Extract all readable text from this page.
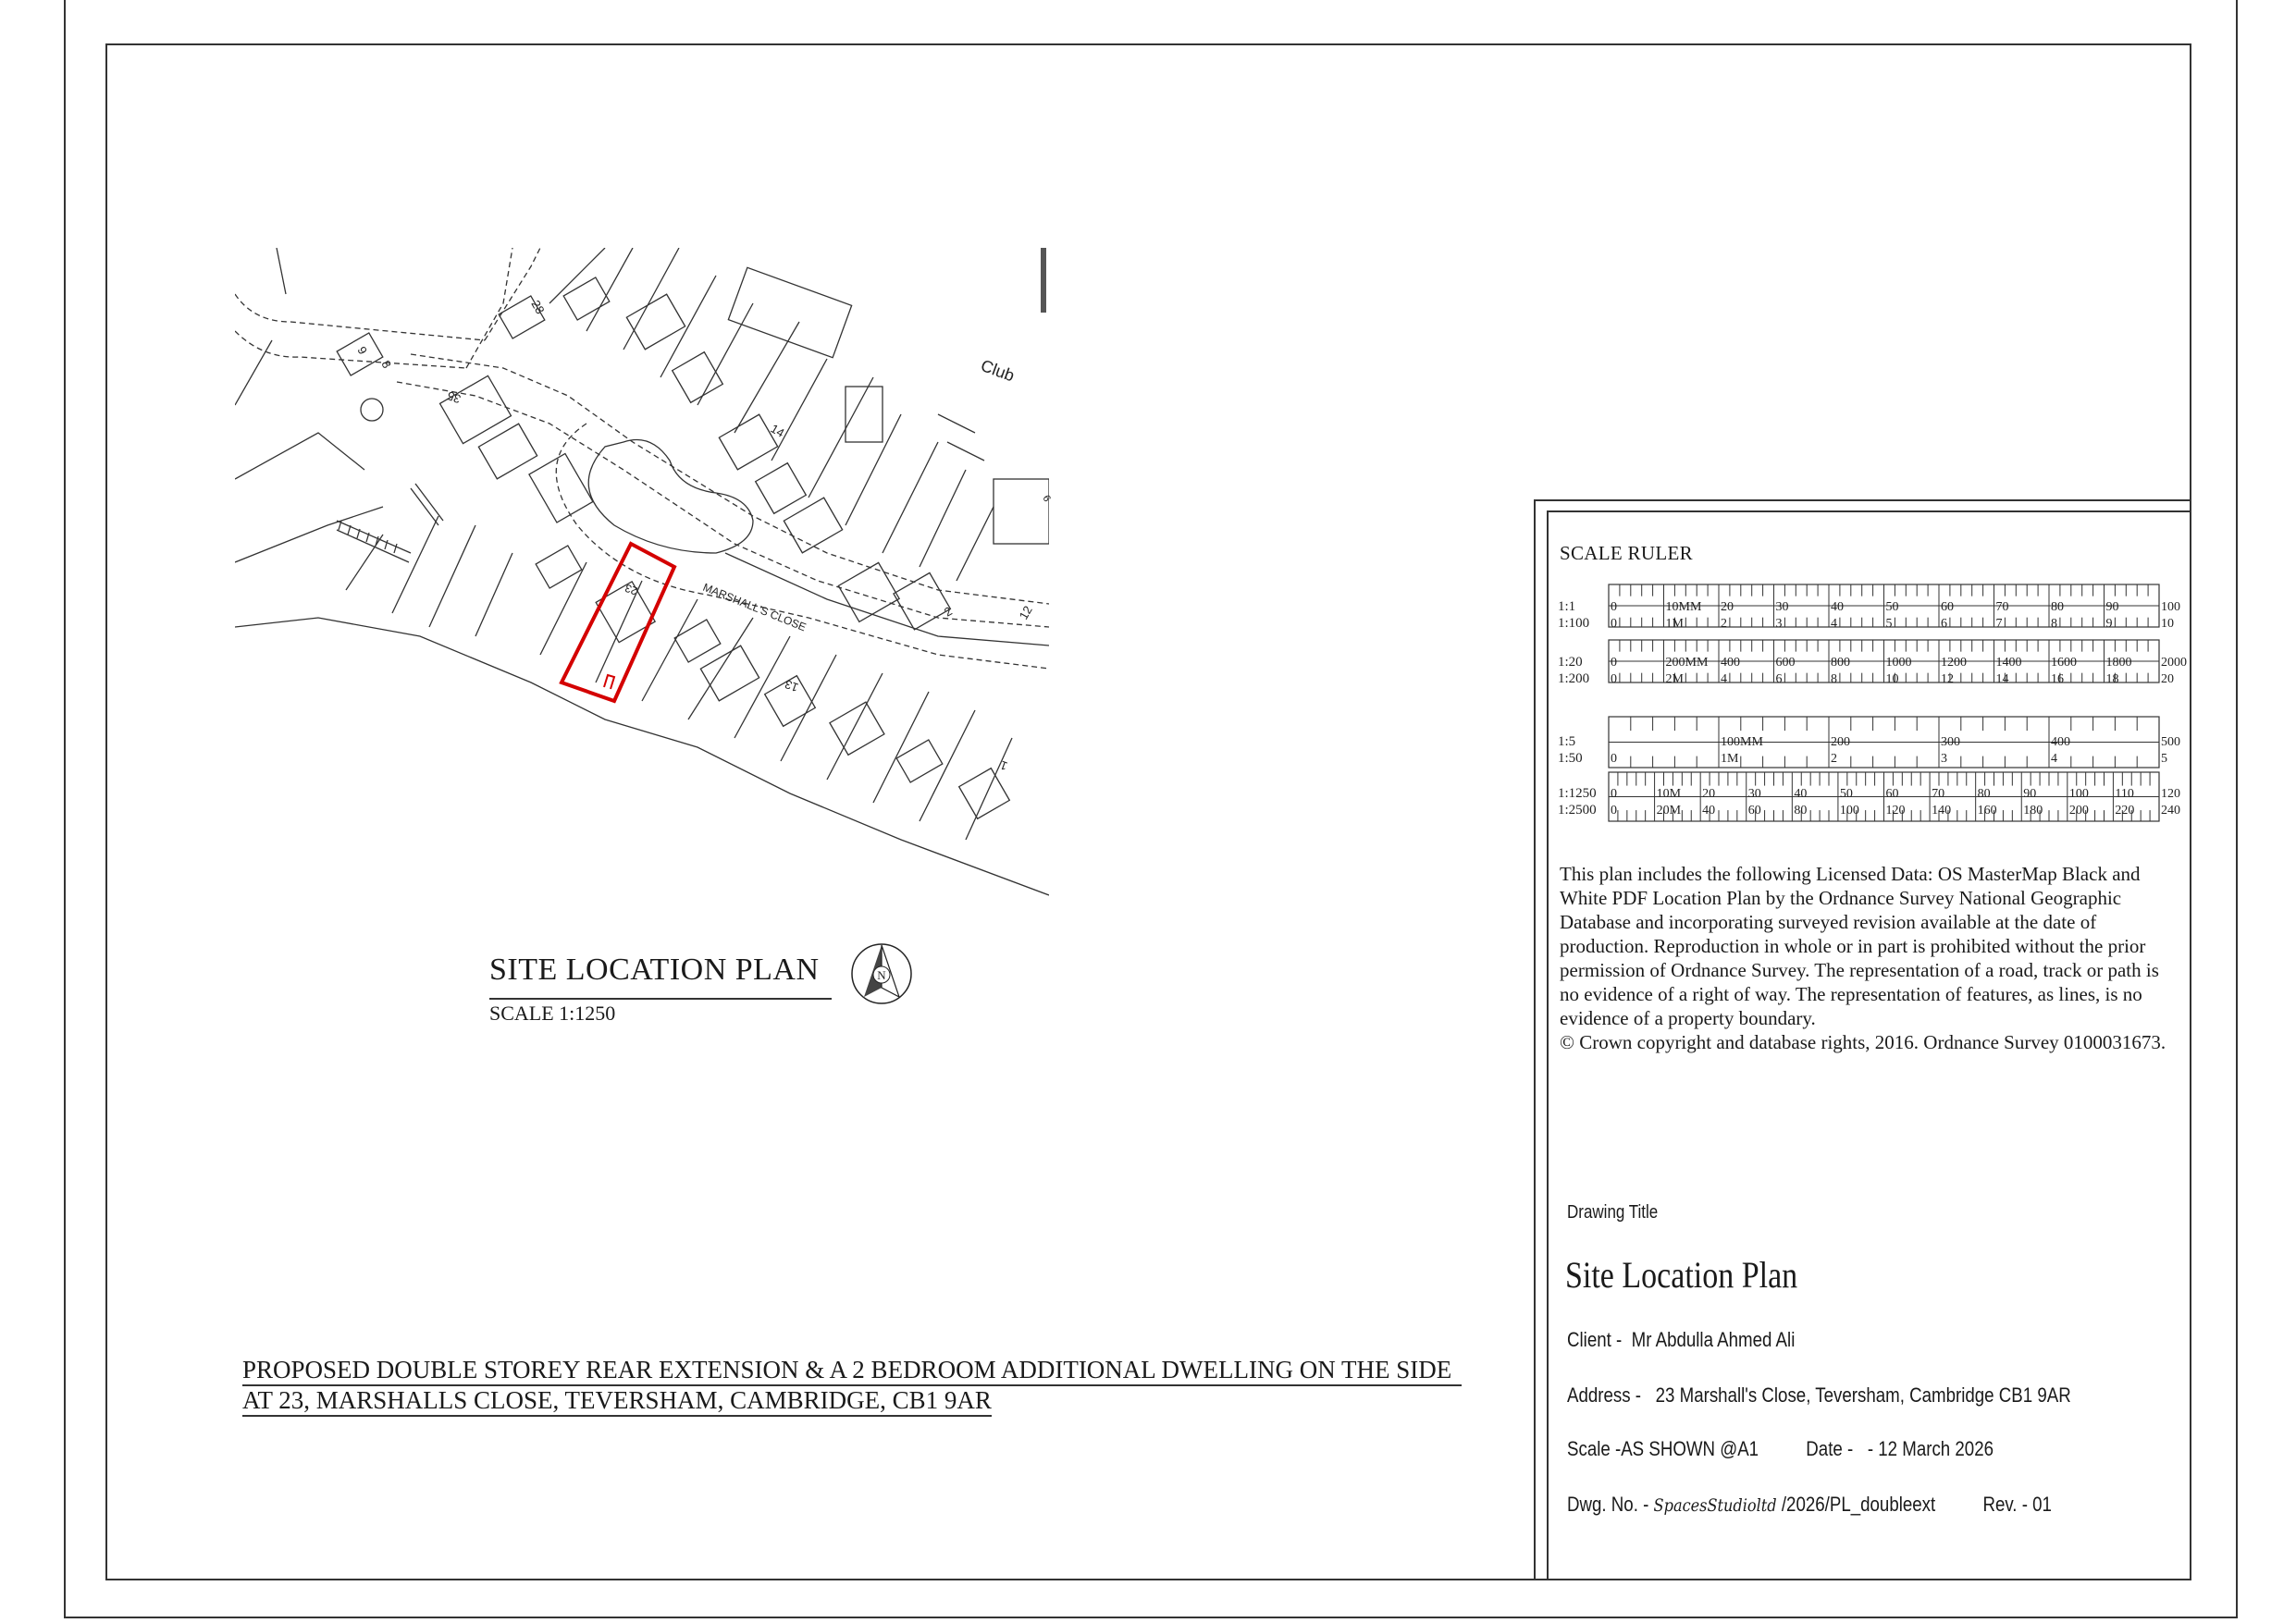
MARSHALL'S CLOSE
Club
28
9
8
35
14
23
2	12
13
1
6
SITE LOCATION PLAN
SCALE 1:1250
N
PROPOSED DOUBLE STOREY REAR EXTENSION & A 2 BEDROOM ADDITIONAL DWELLING ON THE SIDE
AT 23, MARSHALLS CLOSE, TEVERSHAM, CAMBRIDGE, CB1 9AR
SCALE RULER
1:1	0	10MM 20	30	40	50	60	70	80	90	100
1:100 0	1M	2	3	4	5	6	7	8	9	10
1:20 0	200MM 400	600	800	1000 1200 1400 1600 1800 2000
1:200 0	2M	4	6	8	10	12	14	16	18	20
1:5	100MM	200	300	400	500
1:50 0	1M	2	3	4	5
1:1250 0	10M 20	30	40	50	60	70	80	90	100 110 120
1:2500 0	20M 40	60	80	100 120 140 160 180 200 220 240
This plan includes the following Licensed Data: OS MasterMap Black and White PDF Location Plan by the Ordnance Survey National Geographic Database and incorporating surveyed revision available at the date of production. Reproduction in whole or in part is prohibited without the prior permission of Ordnance Survey. The representation of a road, track or path is no evidence of a right of way. The representation of features, as lines, is no evidence of a property boundary.
© Crown copyright and database rights, 2016. Ordnance Survey 0100031673.
Drawing Title
Site Location Plan
Client - Mr Abdulla Ahmed Ali
Address - 23 Marshall's Close, Teversham, Cambridge CB1 9AR
Scale -AS SHOWN @A1 Date - - 12 March 2026
Dwg. No. - SpacesStudioltd /2026/PL_doubleext Rev. - 01
